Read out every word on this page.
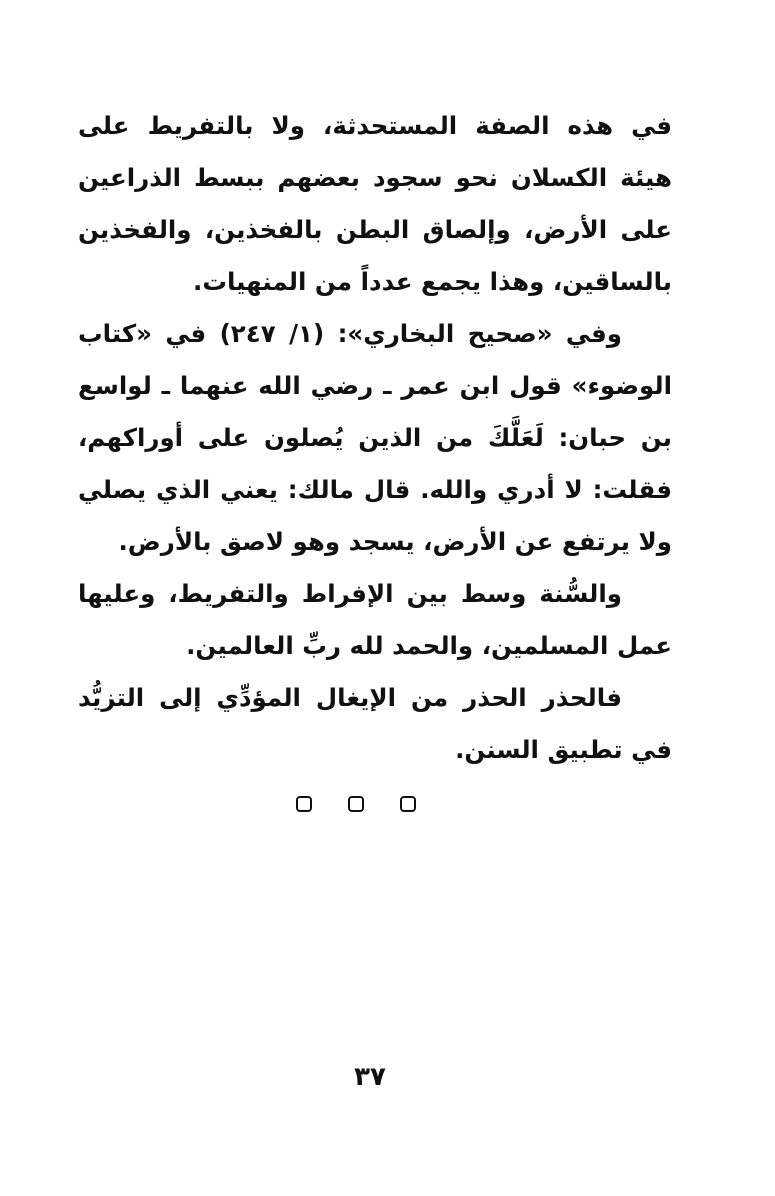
في هذه الصفة المستحدثة، ولا بالتفريط على هيئة الكسلان نحو سجود بعضهم ببسط الذراعين على الأرض، وإلصاق البطن بالفخذين، والفخذين بالساقين، وهذا يجمع عدداً من المنهيات.

وفي «صحيح البخاري»: (١/ ٢٤٧) في «كتاب الوضوء» قول ابن عمر ـ رضي الله عنهما ـ لواسع بن حبان: لَعَلَّكَ من الذين يُصلون على أوراكهم، فقلت: لا أدري والله. قال مالك: يعني الذي يصلي ولا يرتفع عن الأرض، يسجد وهو لاصق بالأرض.

والسُّنة وسط بين الإفراط والتفريط، وعليها عمل المسلمين، والحمد لله ربِّ العالمين.

فالحذر الحذر من الإيغال المؤدِّي إلى التزيُّد في تطبيق السنن.

٣٧
